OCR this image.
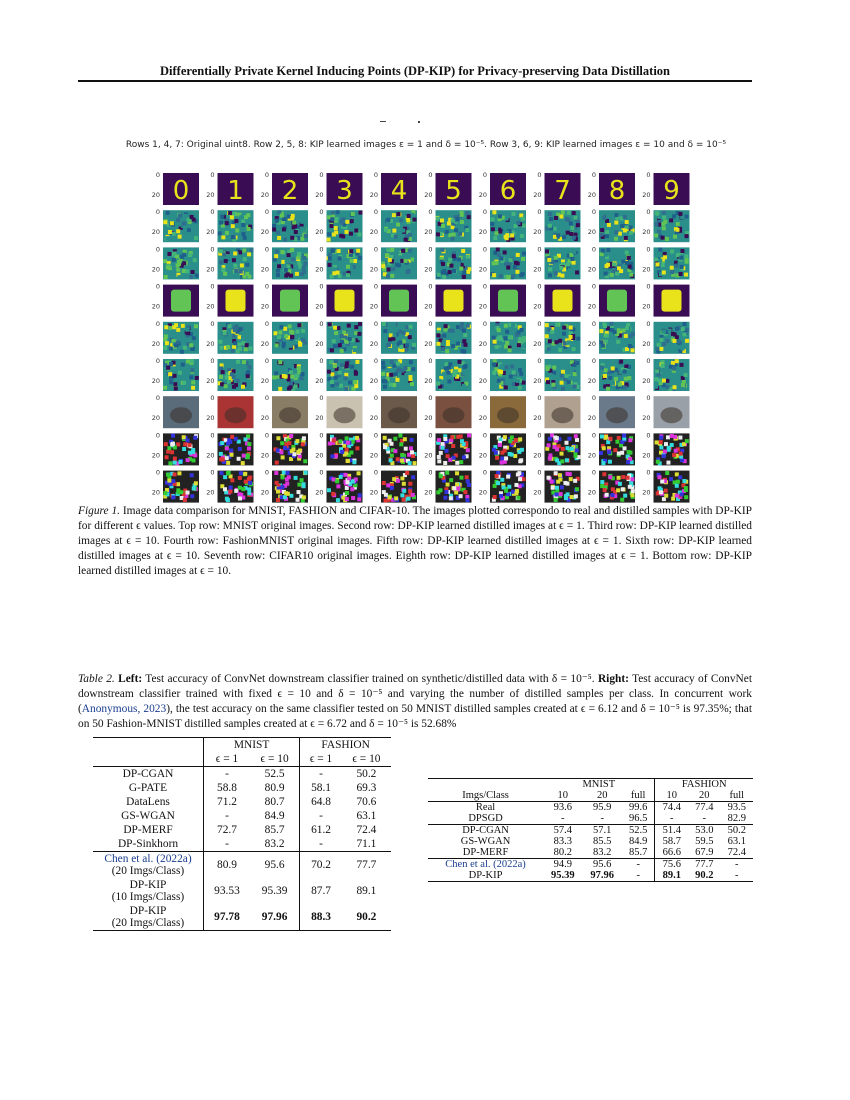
Differentially Private Kernel Inducing Points (DP-KIP) for Privacy-preserving Data Distillation
Rows 1, 4, 7: Original uint8. Row 2, 5, 8: KIP learned images ε = 1 and δ = 10⁻⁵. Row 3, 6, 9: KIP learned images ε = 10 and δ = 10⁻⁵
0
0
20	1
0
20	2
0
20	3
0
20	4
0
20	5
0
20	6
0
20	7
0
20	8
0
20	9
0
20
0
20
0
20
0
20
0
20
0
20
0
20
0
20
0
20
0
20
0
20
0
20
0
20
0
20
0
20
0
20
0
20
0
20
0
20
0
20
0
20
0
20
0
20
0
20
0
20
0
20
0
20
0
20
0
20
0
20
0
20
0
20
0
20
0
20
0
20
0
20
0
20
0
20
0
20
0
20
0
20
0
20
0
20
0
20
0
20
0
20
0
20
0
20
0
20
0
20
0
20
0
20
0
20
0
20
0
20
0
20
0
20
0
20
0
20
0
20
0
20
0
20
0
20
0
20
0
20
0
20
0
20
0
20
0
20
0
20
0
20
0
20
0
20
0
20
0
20
0
20
0
20
0
20
0
20
0
20
0
20
Figure 1. Image data comparison for MNIST, FASHION and CIFAR-10. The images plotted correspondo to real and distilled samples with DP-KIP for different ϵ values. Top row: MNIST original images. Second row: DP-KIP learned distilled images at ϵ = 1. Third row: DP-KIP learned distilled images at ϵ = 10. Fourth row: FashionMNIST original images. Fifth row: DP-KIP learned distilled images at ϵ = 1. Sixth row: DP-KIP learned distilled images at ϵ = 10. Seventh row: CIFAR10 original images. Eighth row: DP-KIP learned distilled images at ϵ = 1. Bottom row: DP-KIP learned distilled images at ϵ = 10.
Table 2. Left: Test accuracy of ConvNet downstream classifier trained on synthetic/distilled data with δ = 10⁻⁵. Right: Test accuracy of ConvNet downstream classifier trained with fixed ϵ = 10 and δ = 10⁻⁵ and varying the number of distilled samples per class. In concurrent work (Anonymous, 2023), the test accuracy on the same classifier tested on 50 MNIST distilled samples created at ϵ = 6.12 and δ = 10⁻⁵ is 97.35%; that on 50 Fashion-MNIST distilled samples created at ϵ = 6.72 and δ = 10⁻⁵ is 52.68%
	MNIST		FASHION	
	ϵ = 1	ϵ = 10	ϵ = 1	ϵ = 10
DP-CGAN	-	52.5	-	50.2
G-PATE	58.8	80.9	58.1	69.3
DataLens	71.2	80.7	64.8	70.6
GS-WGAN	-	84.9	-	63.1
DP-MERF	72.7	85.7	61.2	72.4
DP-Sinkhorn	-	83.2	-	71.1
Chen et al. (2022a)
(20 Imgs/Class)	80.9	95.6	70.2	77.7
DP-KIP
(10 Imgs/Class)	93.53	95.39	87.7	89.1
DP-KIP
(20 Imgs/Class)	97.78	97.96	88.3	90.2
	MNIST			FASHION		
Imgs/Class	10	20	full	10	20	full
Real	93.6	95.9	99.6	74.4	77.4	93.5
DPSGD	-	-	96.5	-	-	82.9
DP-CGAN	57.4	57.1	52.5	51.4	53.0	50.2
GS-WGAN	83.3	85.5	84.9	58.7	59.5	63.1
DP-MERF	80.2	83.2	85.7	66.6	67.9	72.4
Chen et al. (2022a)	94.9	95.6	-	75.6	77.7	-
DP-KIP	95.39	97.96	-	89.1	90.2	-
